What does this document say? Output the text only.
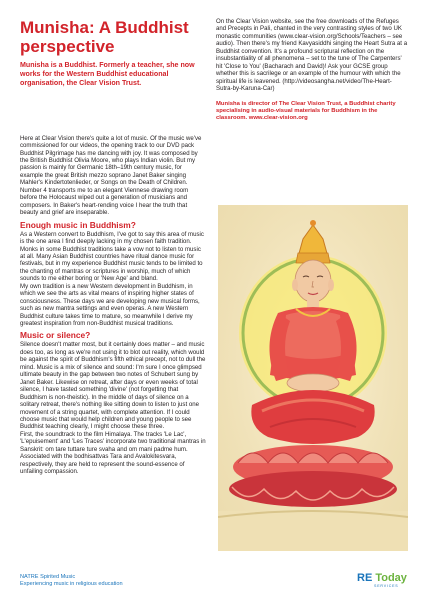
Munisha: A Buddhist perspective

Munisha is a Buddhist. Formerly a teacher, she now works for the Western Buddhist educational organisation, the Clear Vision Trust.

Here at Clear Vision there's quite a lot of music. Of the music we've commissioned for our videos, the opening track to our DVD pack Buddhist Pilgrimage has me dancing with joy. It was composed by the British Buddhist Olivia Moore, who plays Indian violin. But my passion is mainly for Germanic 18th–19th century music, for example the great British mezzo soprano Janet Baker singing Mahler's Kindertotenlieder, or Songs on the Death of Children. Number 4 transports me to an elegant Viennese drawing room before the Holocaust wiped out a generation of musicians and composers. In Baker's heart-rending voice I hear the truth that beauty and grief are inseparable.

Enough music in Buddhism?

As a Western convert to Buddhism, I've got to say this area of music is the one area I find deeply lacking in my chosen faith tradition. Monks in some Buddhist traditions take a vow not to listen to music at all. Many Asian Buddhist countries have ritual dance music for festivals, but in my experience Buddhist music tends to be limited to the chanting of mantras or scriptures in worship, much of which sounds to me either boring or 'New Age' and bland.

My own tradition is a new Western development in Buddhism, in which we see the arts as vital means of inspiring higher states of consciousness. These days we are developing new musical forms, such as new mantra settings and even operas. A new Western Buddhist culture takes time to mature, so meanwhile I derive my greatest inspiration from non-Buddhist musical traditions.

Music or silence?

Silence doesn't matter most, but it certainly does matter – and music does too, as long as we're not using it to blot out reality, which would be against the spirit of Buddhism's fifth ethical precept, not to dull the mind. Music is a mix of silence and sound: I'm sure I once glimpsed ultimate beauty in the gap between two notes of Schubert sung by Janet Baker. Likewise on retreat, after days or even weeks of total silence, I have tasted something 'divine' (not forgetting that Buddhism is non-theistic). In the middle of days of silence on a solitary retreat, there's nothing like sitting down to listen to just one movement of a string quartet, with complete attention. If I could choose music that would help children and young people to see Buddhist teaching clearly, I might choose these three.

First, the soundtrack to the film Himalaya. The tracks 'Le Lac', 'L'epuisement' and 'Les Traces' incorporate two traditional mantras in Sanskrit: om tare tuttare ture svaha and om mani padme hum. Associated with the bodhisattvas Tara and Avalokitesvara, respectively, they are held to represent the sound-essence of unfailing compassion.

On the Clear Vision website, see the free downloads of the Refuges and Precepts in Pali, chanted in the very contrasting styles of two UK monastic communities (www.clear-vision.org/Schools/Teachers – see audio). Then there's my friend Kavyasiddhi singing the Heart Sutra at a Buddhist convention. It's a profound scriptural reflection on the insubstantiality of all phenomena – set to the tune of The Carpenters' hit 'Close to You' (Bacharach and David)! Ask your GCSE group whether this is sacrilege or an example of the humour with which the spiritual life is leavened. (http://videosangha.net/video/The-Heart-Sutra-by-Karuna-Car)

Munisha is director of The Clear Vision Trust, a Buddhist charity specialising in audio-visual materials for Buddhism in the classroom. www.clear-vision.org

NATRE Spirited Music
Experiencing music in religious education	RE Today
SERVICES
